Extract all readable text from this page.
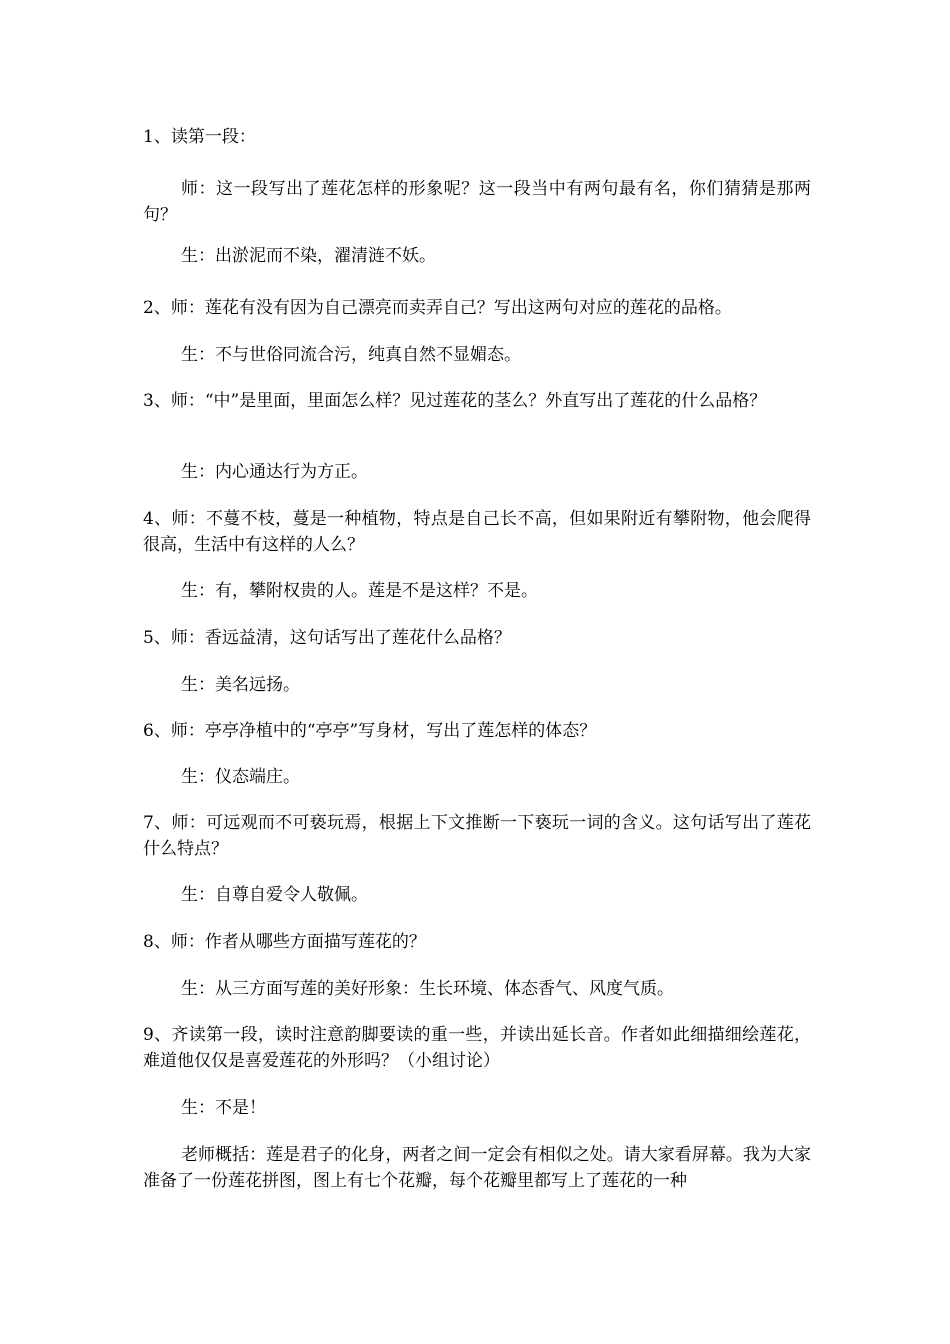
1、读第一段：

师：这一段写出了莲花怎样的形象呢？这一段当中有两句最有名，你们猜猜是那两句？

生：出淤泥而不染，濯清涟不妖。

2、师：莲花有没有因为自己漂亮而卖弄自己？写出这两句对应的莲花的品格。

生：不与世俗同流合污，纯真自然不显媚态。

3、师：“中”是里面，里面怎么样？见过莲花的茎么？外直写出了莲花的什么品格？

生：内心通达行为方正。

4、师：不蔓不枝，蔓是一种植物，特点是自己长不高，但如果附近有攀附物，他会爬得很高，生活中有这样的人么？

生：有，攀附权贵的人。莲是不是这样？不是。

5、师：香远益清，这句话写出了莲花什么品格？

生：美名远扬。

6、师：亭亭净植中的“亭亭”写身材，写出了莲怎样的体态？

生：仪态端庄。

7、师：可远观而不可亵玩焉，根据上下文推断一下亵玩一词的含义。这句话写出了莲花什么特点？

生：自尊自爱令人敬佩。

8、师：作者从哪些方面描写莲花的？

生：从三方面写莲的美好形象：生长环境、体态香气、风度气质。

9、齐读第一段，读时注意韵脚要读的重一些，并读出延长音。作者如此细描细绘莲花，难道他仅仅是喜爱莲花的外形吗？（小组讨论）

生：不是！

老师概括：莲是君子的化身，两者之间一定会有相似之处。请大家看屏幕。我为大家准备了一份莲花拼图，图上有七个花瓣，每个花瓣里都写上了莲花的一种
